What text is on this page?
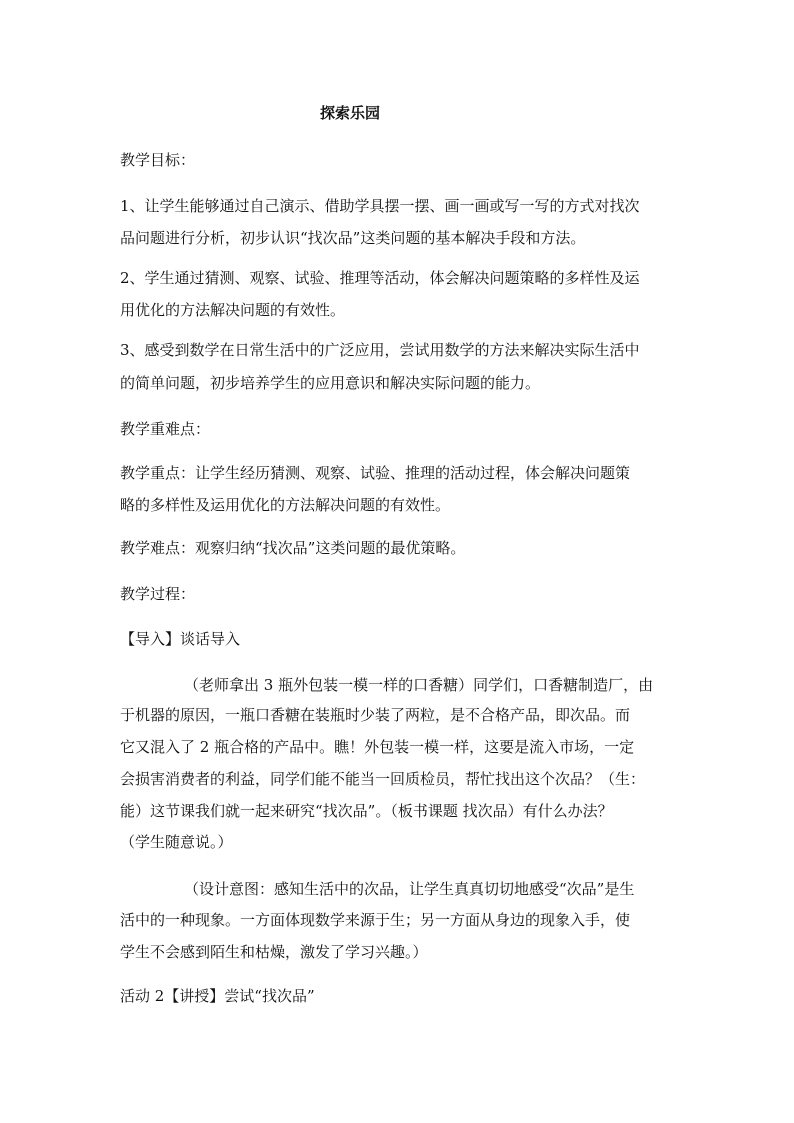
探索乐园
教学目标：
1、让学生能够通过自己演示、借助学具摆一摆、画一画或写一写的方式对找次
品问题进行分析，初步认识“找次品”这类问题的基本解决手段和方法。
2、学生通过猜测、观察、试验、推理等活动，体会解决问题策略的多样性及运
用优化的方法解决问题的有效性。
3、感受到数学在日常生活中的广泛应用，尝试用数学的方法来解决实际生活中
的简单问题，初步培养学生的应用意识和解决实际问题的能力。
教学重难点：
教学重点：让学生经历猜测、观察、试验、推理的活动过程，体会解决问题策
略的多样性及运用优化的方法解决问题的有效性。
教学难点：观察归纳“找次品”这类问题的最优策略。
教学过程：
【导入】谈话导入
（老师拿出 3 瓶外包装一模一样的口香糖）同学们，口香糖制造厂，由
于机器的原因，一瓶口香糖在装瓶时少装了两粒，是不合格产品，即次品。而
它又混入了 2 瓶合格的产品中。瞧！外包装一模一样，这要是流入市场，一定
会损害消费者的利益，同学们能不能当一回质检员，帮忙找出这个次品？（生：
能）这节课我们就一起来研究“找次品”。（板书课题 找次品）有什么办法？
（学生随意说。）
（设计意图：感知生活中的次品，让学生真真切切地感受“次品”是生
活中的一种现象。一方面体现数学来源于生；另一方面从身边的现象入手，使
学生不会感到陌生和枯燥，激发了学习兴趣。）
活动 2【讲授】尝试“找次品”
